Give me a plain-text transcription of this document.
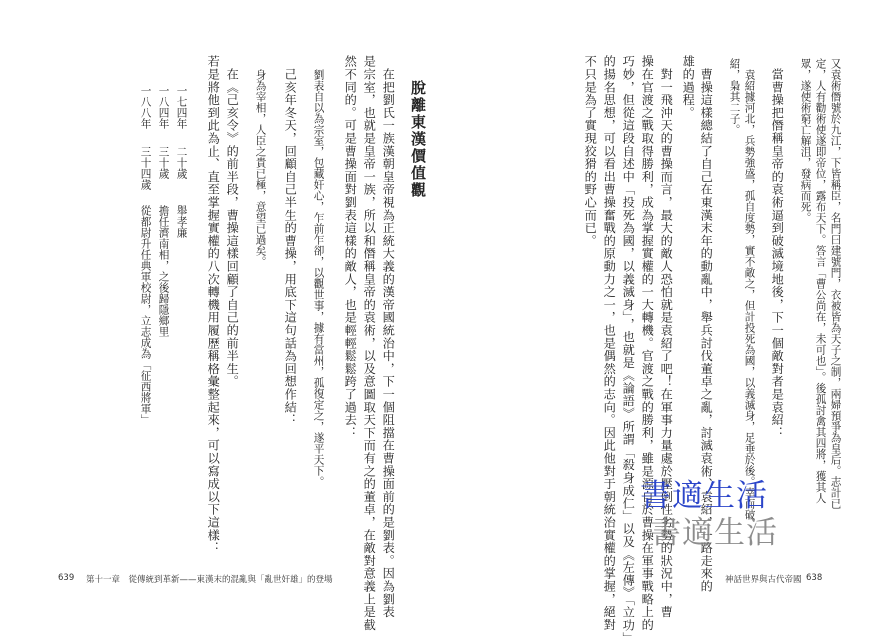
又袁術僭號於九江，下皆稱臣，名門曰建號門，衣被皆為天子之制，兩婦預爭為皇后。志計已
定，人有勸術使遂即帝位，露布天下。答言「曹公尚在，未可也」。後孤討禽其四將，獲其人
眾，遂使術窮亡解沮，發病而死。
　當曹操把僭稱皇帝的袁術逼到破滅境地後，下一個敵對者是袁紹：
　袁紹據河北，兵勢強盛，孤自度勢，實不敵之，但計投死為國，以義滅身，足垂於後。幸而破
紹，梟其二子。
　曹操這樣總結了自己在東漢末年的動亂中，舉兵討伐董卓之亂，討滅袁術、袁紹，一路走來的
雄的過程。
　對一飛沖天的曹操而言，最大的敵人恐怕就是袁紹了吧！在軍事力量處於壓倒性劣勢的狀況中，曹
操在官渡之戰取得勝利，成為掌握實權的一大轉機。官渡之戰的勝利，雖是源自於曹操在軍事戰略上的
巧妙，但從這段自述中「投死為國，以義滅身」，也就是《論語》所謂「殺身成仁」以及《左傳》「立功」
的揚名思想，可以看出曹操奮戰的原動力之一，也是偶然的志向。因此他對于朝統治實權的掌握，絕對
不只是為了實現狡猾的野心而已。
脫離東漢價值觀
　在把劉氏一族漢朝皇帝視為正統大義的漢帝國統治中，下一個阻擋在曹操面前的是劉表。因為劉表
是宗室，也就是皇帝一族，所以和僭稱皇帝的袁術，以及意圖取天下而有之的董卓，在敵對意義上是截
然不同的。可是曹操面對劉表這樣的敵人，也是輕輕鬆鬆跨了過去：
　劉表自以為宗室，包藏奸心，乍前乍卻，以觀世事，據有當州，孤復定之，遂平天下。
　己亥年冬天，回顧自己半生的曹操，用底下這句話為回想作結：
　身為宰相，人臣之貴已極，意望已過矣。
　在《己亥令》的前半段，曹操這樣回顧了自己的前半生。
若是將他到此為止、直至掌握實權的八次轉機用履歷稱格彙整起來，可以寫成以下這樣：
一七四年
二十歲
舉孝廉
一八四年
三十歲
擔任濟南相，之後歸隱鄉里
一八八年
三十四歲
從都尉升任典軍校尉，立志成為「征西將軍」
639 第十一章　從傳統到革新——東漢末的混亂與「亂世奸雄」的登場	神話世界與古代帝國 638
書適生活
書適生活
